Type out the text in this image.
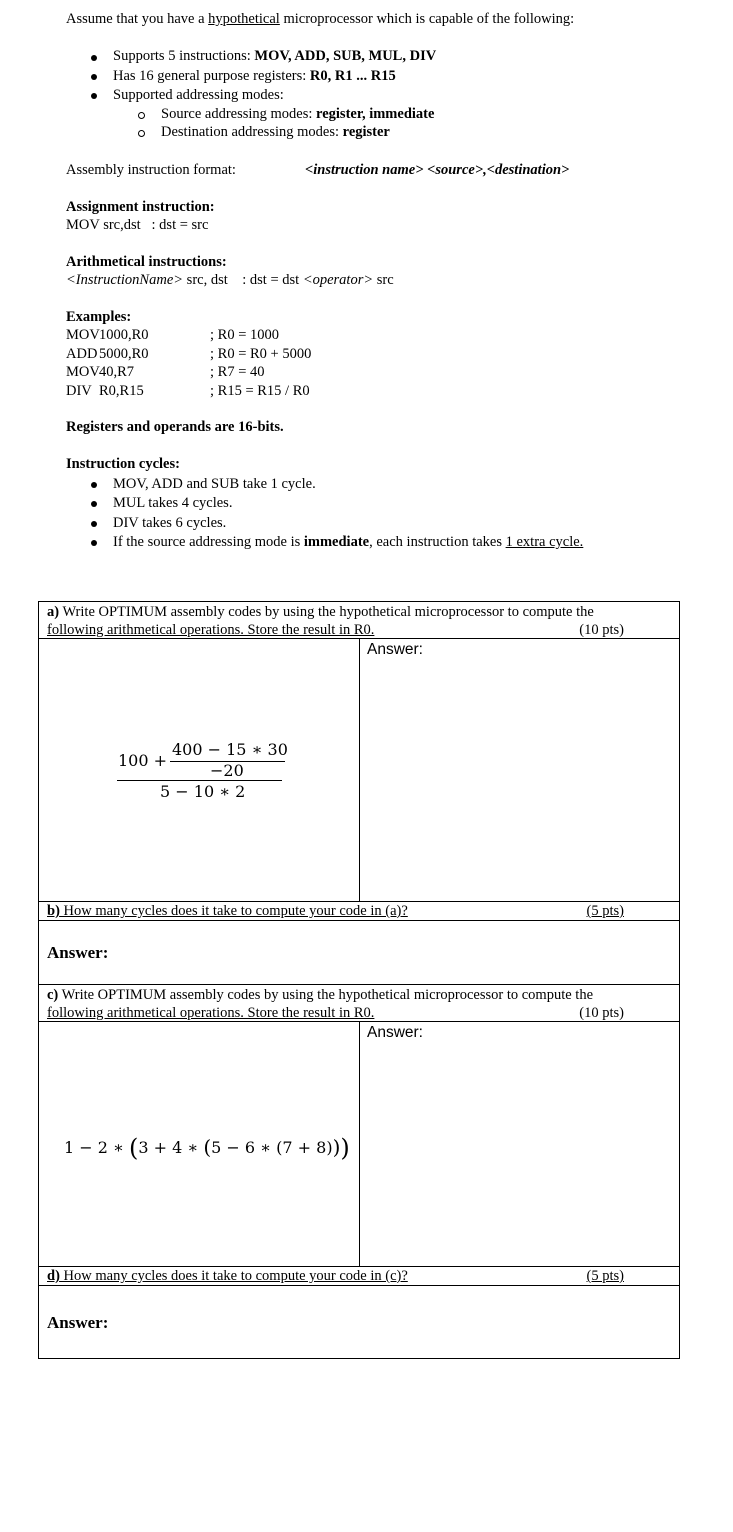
Assume that you have a hypothetical microprocessor which is capable of the following:
Supports 5 instructions: MOV, ADD, SUB, MUL, DIV
Has 16 general purpose registers: R0, R1 ... R15
Supported addressing modes:
Source addressing modes: register, immediate
Destination addressing modes: register
Assembly instruction format:	<instruction name> <source>,<destination>
Assignment instruction:
MOV src,dst   : dst = src
Arithmetical instructions:
<InstructionName> src, dst    : dst = dst <operator> src
Examples:
MOV 1000,R0	; R0 = 1000
ADD 5000,R0	; R0 = R0 + 5000
MOV 40,R7	; R7 = 40
DIV R0,R15	; R15 = R15 / R0
Registers and operands are 16-bits.
Instruction cycles:
MOV, ADD and SUB take 1 cycle.
MUL takes 4 cycles.
DIV takes 6 cycles.
If the source addressing mode is immediate, each instruction takes 1 extra cycle.
a) Write OPTIMUM assembly codes by using the hypothetical microprocessor to compute the
following arithmetical operations. Store the result in R0.	(10 pts)
Answer:
100 +
400 − 15 ∗ 30
−20
5 − 10 ∗ 2
b) How many cycles does it take to compute your code in (a)?	(5 pts)
Answer:
c) Write OPTIMUM assembly codes by using the hypothetical microprocessor to compute the
following arithmetical operations. Store the result in R0.	(10 pts)
Answer:
1 − 2 ∗ (3 + 4 ∗ (5 − 6 ∗ (7 + 8)))
d) How many cycles does it take to compute your code in (c)?	(5 pts)
Answer:
